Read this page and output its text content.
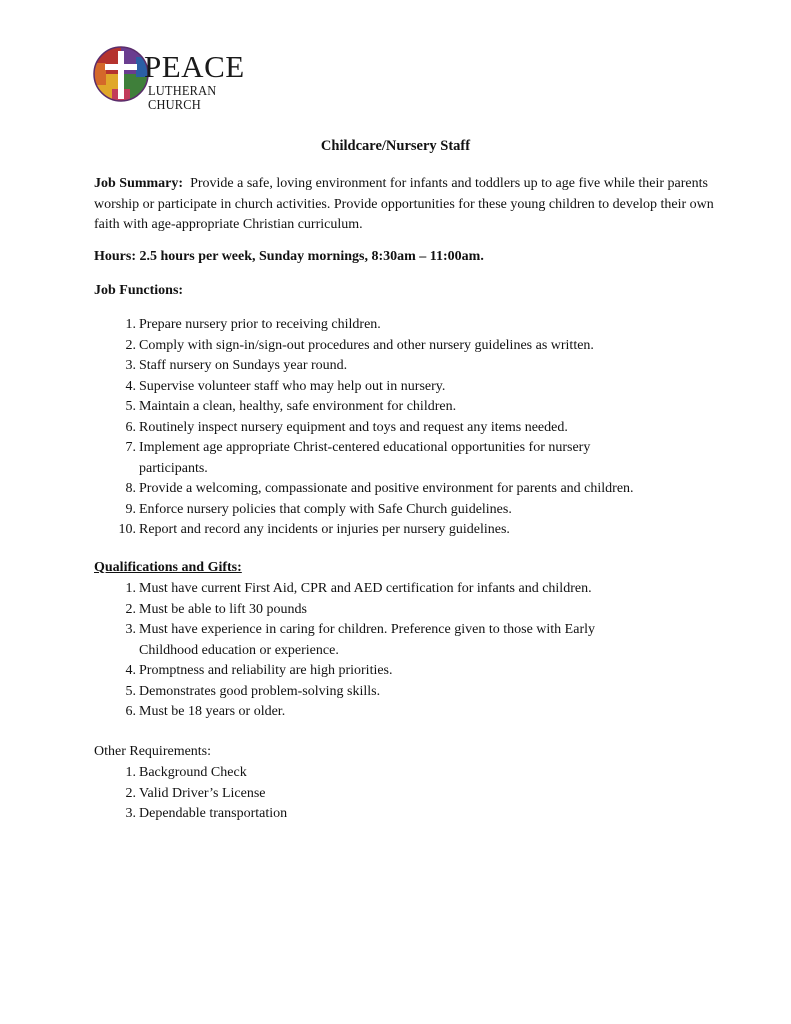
PEACE
LUTHERAN CHURCH
Childcare/Nursery Staff
Job Summary: Provide a safe, loving environment for infants and toddlers up to age five while their parents worship or participate in church activities. Provide opportunities for these young children to develop their own faith with age-appropriate Christian curriculum.
Hours: 2.5 hours per week, Sunday mornings, 8:30am – 11:00am.
Job Functions:
1. Prepare nursery prior to receiving children.
2. Comply with sign-in/sign-out procedures and other nursery guidelines as written.
3. Staff nursery on Sundays year round.
4. Supervise volunteer staff who may help out in nursery.
5. Maintain a clean, healthy, safe environment for children.
6. Routinely inspect nursery equipment and toys and request any items needed.
7. Implement age appropriate Christ-centered educational opportunities for nursery participants.
8. Provide a welcoming, compassionate and positive environment for parents and children.
9. Enforce nursery policies that comply with Safe Church guidelines.
10. Report and record any incidents or injuries per nursery guidelines.
Qualifications and Gifts:
1. Must have current First Aid, CPR and AED certification for infants and children.
2. Must be able to lift 30 pounds
3. Must have experience in caring for children. Preference given to those with Early Childhood education or experience.
4. Promptness and reliability are high priorities.
5. Demonstrates good problem-solving skills.
6. Must be 18 years or older.
Other Requirements:
1. Background Check
2. Valid Driver’s License
3. Dependable transportation
